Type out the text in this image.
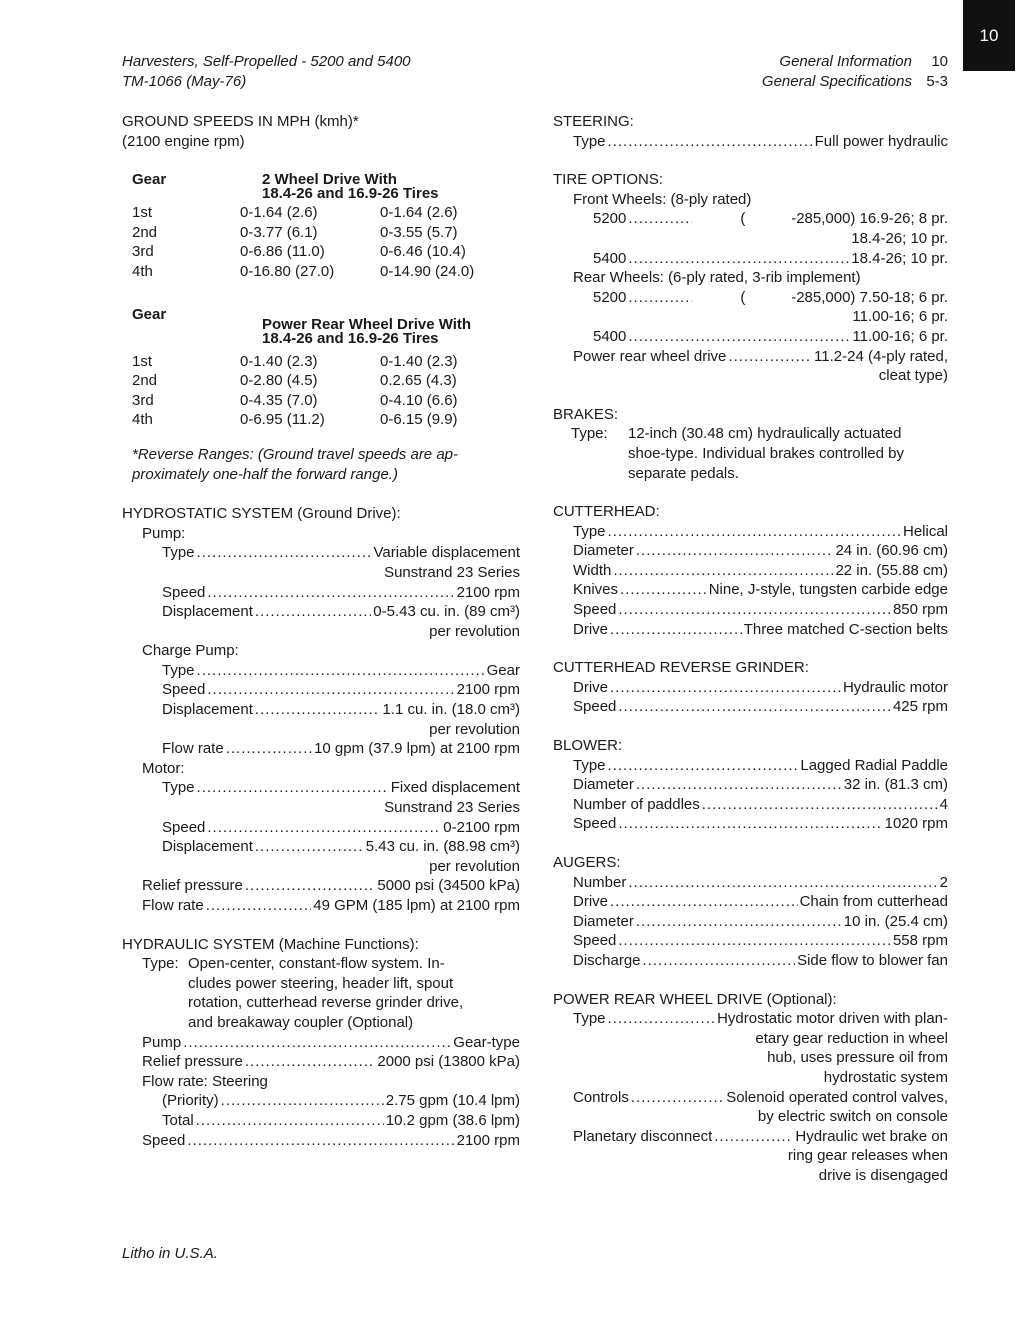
10
Harvesters, Self-Propelled - 5200 and 5400
TM-1066 (May-76)
General Information 10
General Specifications 5-3
GROUND SPEEDS IN MPH (kmh)*
(2100 engine rpm)
Gear	2 Wheel Drive With
18.4-26 and 16.9-26 Tires	

1st	0-1.64 (2.6)	0-1.64 (2.6)
2nd	0-3.77 (6.1)	0-3.55 (5.7)
3rd	0-6.86 (11.0)	0-6.46 (10.4)
4th	0-16.80 (27.0)	0-14.90 (24.0)
Gear	Power Rear Wheel Drive With
18.4-26 and 16.9-26 Tires	

1st	0-1.40 (2.3)	0-1.40 (2.3)
2nd	0-2.80 (4.5)	0.2.65 (4.3)
3rd	0-4.35 (7.0)	0-4.10 (6.6)
4th	0-6.95 (11.2)	0-6.15 (9.9)
*Reverse Ranges: (Ground travel speeds are ap-
proximately one-half the forward range.)
HYDROSTATIC SYSTEM (Ground Drive):
Pump:
Type .....	Variable displacement
Sunstrand 23 Series
Speed .....	2100 rpm
Displacement .....	0-5.43 cu. in. (89 cm³)
per revolution
Charge Pump:
Type .....	Gear
Speed .....	2100 rpm
Displacement .....	1.1 cu. in. (18.0 cm³)
per revolution
Flow rate .....	10 gpm (37.9 lpm) at 2100 rpm
Motor:
Type .....	Fixed displacement
Sunstrand 23 Series
Speed .....	0-2100 rpm
Displacement .....	5.43 cu. in. (88.98 cm³)
per revolution
Relief pressure .....	5000 psi (34500 kPa)
Flow rate .....	49 GPM (185 lpm) at 2100 rpm
HYDRAULIC SYSTEM (Machine Functions):
Type: Open-center, constant-flow system. In-
cludes power steering, header lift, spout
rotation, cutterhead reverse grinder drive,
and breakaway coupler (Optional)
Pump .....	Gear-type
Relief pressure .....	2000 psi (13800 kPa)
Flow rate: Steering
(Priority) .....	2.75 gpm (10.4 lpm)
Total .....	10.2 gpm (38.6 lpm)
Speed .....	2100 rpm
STEERING:
Type .....	Full power hydraulic
TIRE OPTIONS:
Front Wheels: (8-ply rated)
5200 .....	(           -285,000) 16.9-26; 8 pr.
18.4-26; 10 pr.
5400 .....	18.4-26; 10 pr.
Rear Wheels: (6-ply rated, 3-rib implement)
5200 .....	(           -285,000) 7.50-18; 6 pr.
11.00-16; 6 pr.
5400 .....	11.00-16; 6 pr.
Power rear wheel drive .....	11.2-24 (4-ply rated,
cleat type)
BRAKES:
Type:	12-inch (30.48 cm) hydraulically actuated
shoe-type. Individual brakes controlled by
separate pedals.
CUTTERHEAD:
Type .....	Helical
Diameter .....	24 in. (60.96 cm)
Width .....	22 in. (55.88 cm)
Knives .....	Nine, J-style, tungsten carbide edge
Speed .....	850 rpm
Drive .....	Three matched C-section belts
CUTTERHEAD REVERSE GRINDER:
Drive .....	Hydraulic motor
Speed .....	425 rpm
BLOWER:
Type .....	Lagged Radial Paddle
Diameter .....	32 in. (81.3 cm)
Number of paddles .....	4
Speed .....	1020 rpm
AUGERS:
Number .....	2
Drive .....	Chain from cutterhead
Diameter .....	10 in. (25.4 cm)
Speed .....	558 rpm
Discharge .....	Side flow to blower fan
POWER REAR WHEEL DRIVE (Optional):
Type .....	Hydrostatic motor driven with plan-
etary gear reduction in wheel
hub, uses pressure oil from
hydrostatic system
Controls .....	Solenoid operated control valves,
by electric switch on console
Planetary disconnect .....	Hydraulic wet brake on
ring gear releases when
drive is disengaged
Litho in U.S.A.
